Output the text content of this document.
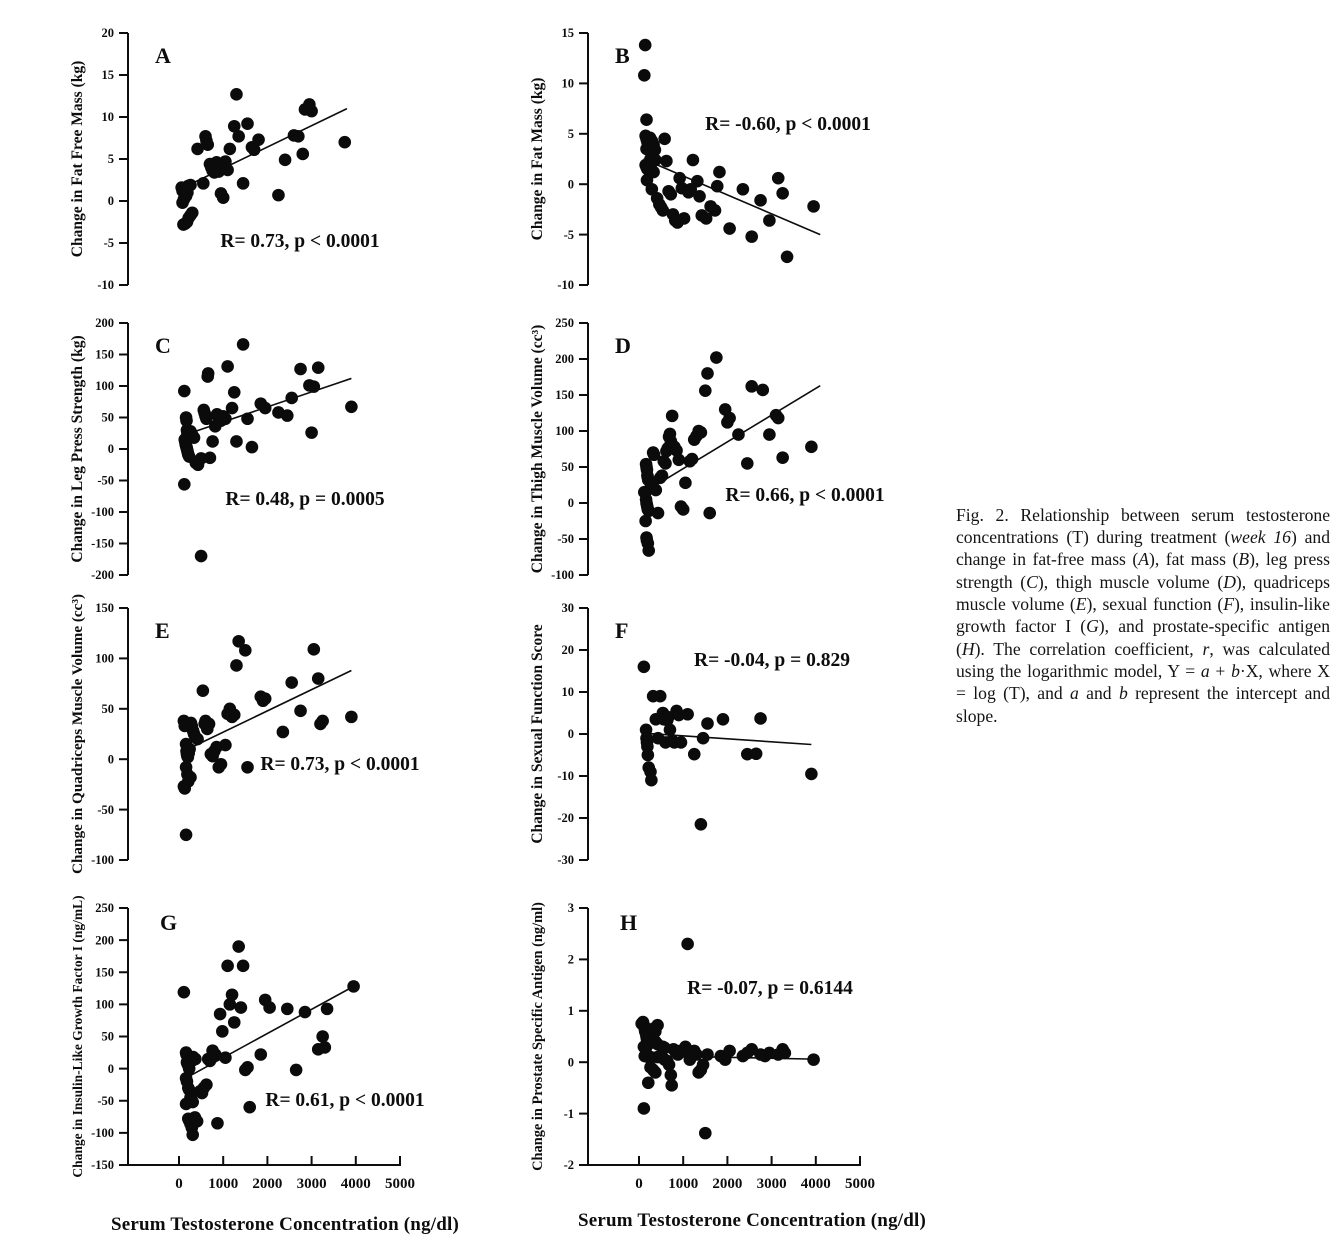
20
15
10
5
0
-5
-10
Change in Fat Free Mass (kg)
A
R= 0.73, p < 0.0001
15
10
5
0
-5
-10
Change in Fat Mass (kg)
B
R= -0.60, p < 0.0001
200
150
100
50
0
-50
-100
-150
-200
Change in Leg Press Strength (kg)	C
R= 0.48, p = 0.0005
250
200
150
100
50
0
-50
-100
Change in Thigh Muscle Volume (cc³)	D
R= 0.66, p < 0.0001
150
100
50
0
-50
-100
Change in Quadriceps Muscle Volume (cc³)	E
R= 0.73, p < 0.0001
30
20
10
0
-10
-20
-30
Change in Sexual Function Score	F
R= -0.04, p = 0.829
250
200
150
100
50
0
-50
-100
-150
0 1000 2000 3000 4000 5000
Change in Insulin-Like Growth Factor I (ng/mL)	G
R= 0.61, p < 0.0001
3
2
1
0
-1
-2
0 1000 2000 3000 4000 5000
Change in Prostate Specific Antigen (ng/ml)	H
R= -0.07, p = 0.6144
Serum Testosterone Concentration (ng/dl)	Serum Testosterone Concentration (ng/dl)

Fig. 2. Relationship between serum testosterone concentrations (T) during treatment (week 16) and change in fat-free mass (A), fat mass (B), leg press strength (C), thigh muscle volume (D), quadriceps muscle volume (E), sexual function (F), insulin-like growth factor I (G), and prostate-specific antigen (H). The correlation coefficient, r, was calculated using the logarithmic model, Y = a + b·X, where X = log (T), and a and b represent the intercept and slope.
